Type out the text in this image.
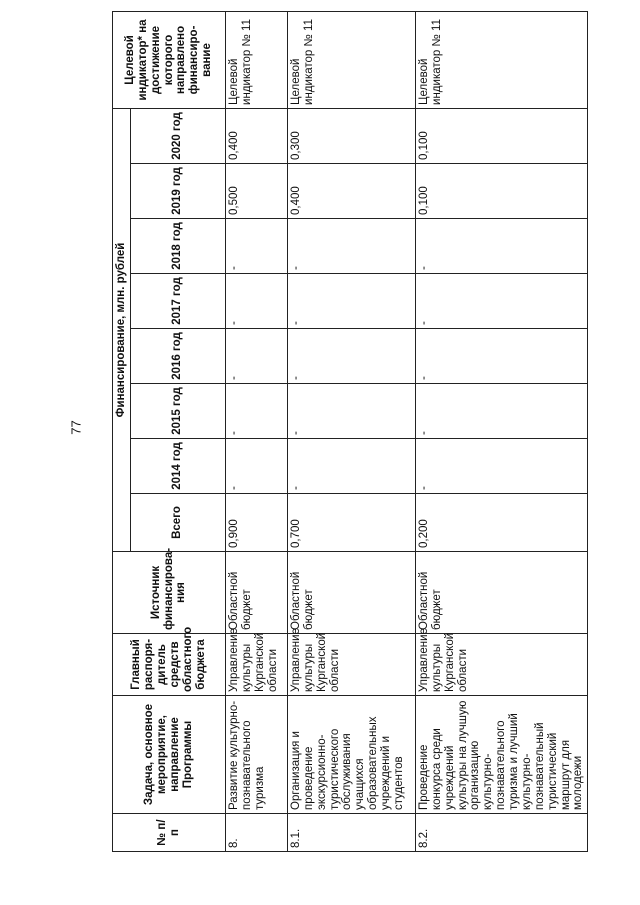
77
№ п/п	Задача, основное мероприятие, направление Программы	Главный распоря-дитель средств областного бюджета	Источник финансирова-ния	Финансирование, млн. рублей								Целевой индикатор* на достижение которого направлено финансиро-вание
				Всего	2014 год	2015 год	2016 год	2017 год	2018 год	2019 год	2020 год	
8.	Развитие культурно-познавательного туризма	Управление культуры Курганской области	Областной бюджет	0,900	-	-	-	-	-	0,500	0,400	Целевой индикатор № 11
8.1.	Организация и проведение экскурсионно-туристического обслуживания учащихся образовательных учреждений и студентов	Управление культуры Курганской области	Областной бюджет	0,700	-	-	-	-	-	0,400	0,300	Целевой индикатор № 11
8.2.	Проведение конкурса среди учреждений культуры на лучшую организацию культурно-познавательного туризма и лучший культурно-познавательный туристический маршрут для молодежи	Управление культуры Курганской области	Областной бюджет	0,200	-	-	-	-	-	0,100	0,100	Целевой индикатор № 11
